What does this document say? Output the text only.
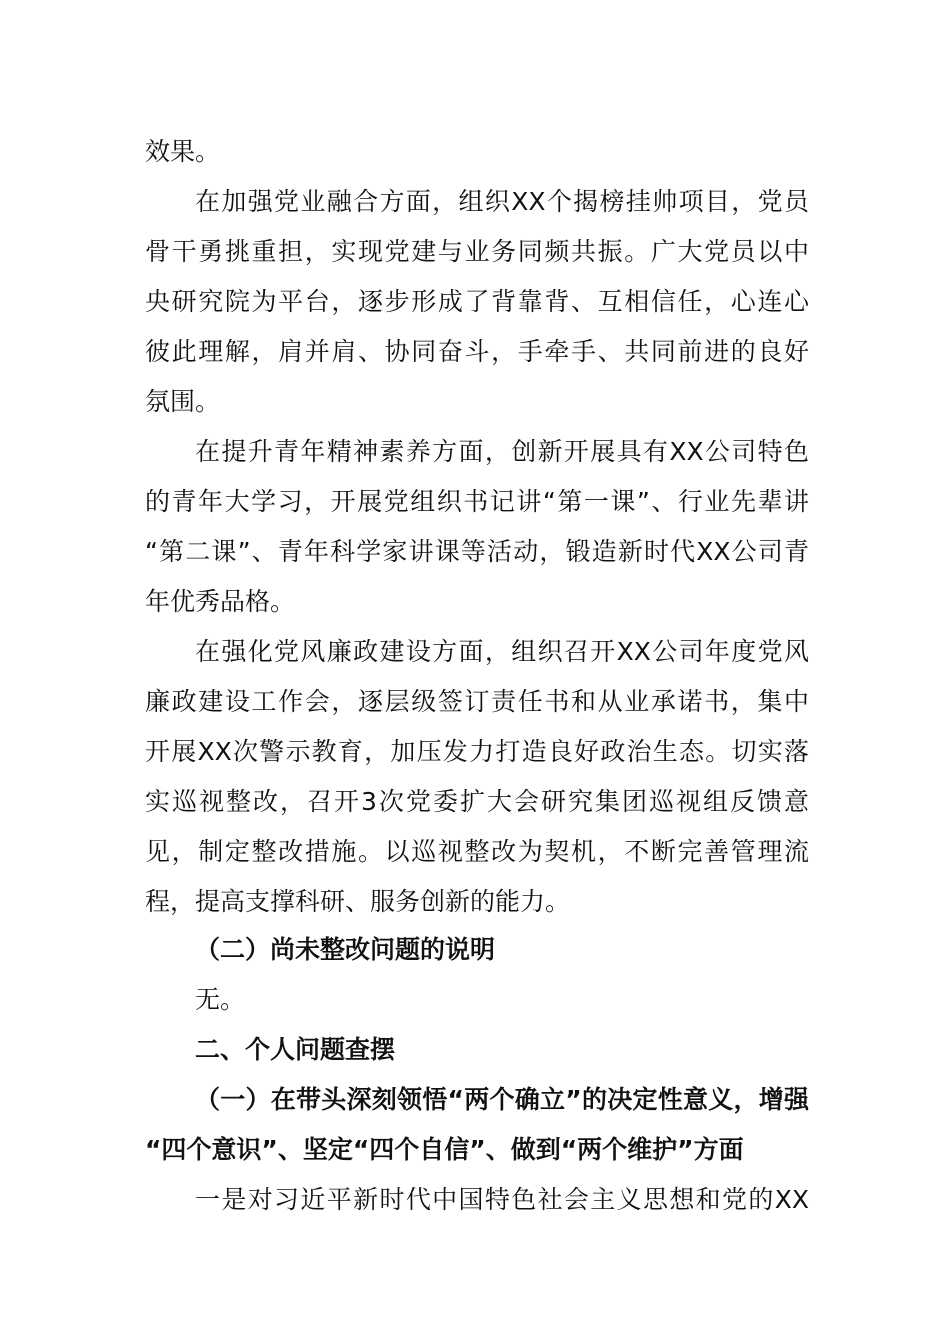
效果。
在加强党业融合方面，组织XX个揭榜挂帅项目，党员
骨干勇挑重担，实现党建与业务同频共振。广大党员以中
央研究院为平台，逐步形成了背靠背、互相信任，心连心
彼此理解，肩并肩、协同奋斗，手牵手、共同前进的良好
氛围。
在提升青年精神素养方面，创新开展具有XX公司特色
的青年大学习，开展党组织书记讲“第一课”、行业先辈讲
“第二课”、青年科学家讲课等活动，锻造新时代XX公司青
年优秀品格。
在强化党风廉政建设方面，组织召开XX公司年度党风
廉政建设工作会，逐层级签订责任书和从业承诺书，集中
开展XX次警示教育，加压发力打造良好政治生态。切实落
实巡视整改，召开3次党委扩大会研究集团巡视组反馈意
见，制定整改措施。以巡视整改为契机，不断完善管理流
程，提高支撑科研、服务创新的能力。
（二）尚未整改问题的说明
无。
二、个人问题查摆
（一）在带头深刻领悟“两个确立”的决定性意义，增强
“四个意识”、坚定“四个自信”、做到“两个维护”方面
一是对习近平新时代中国特色社会主义思想和党的XX
